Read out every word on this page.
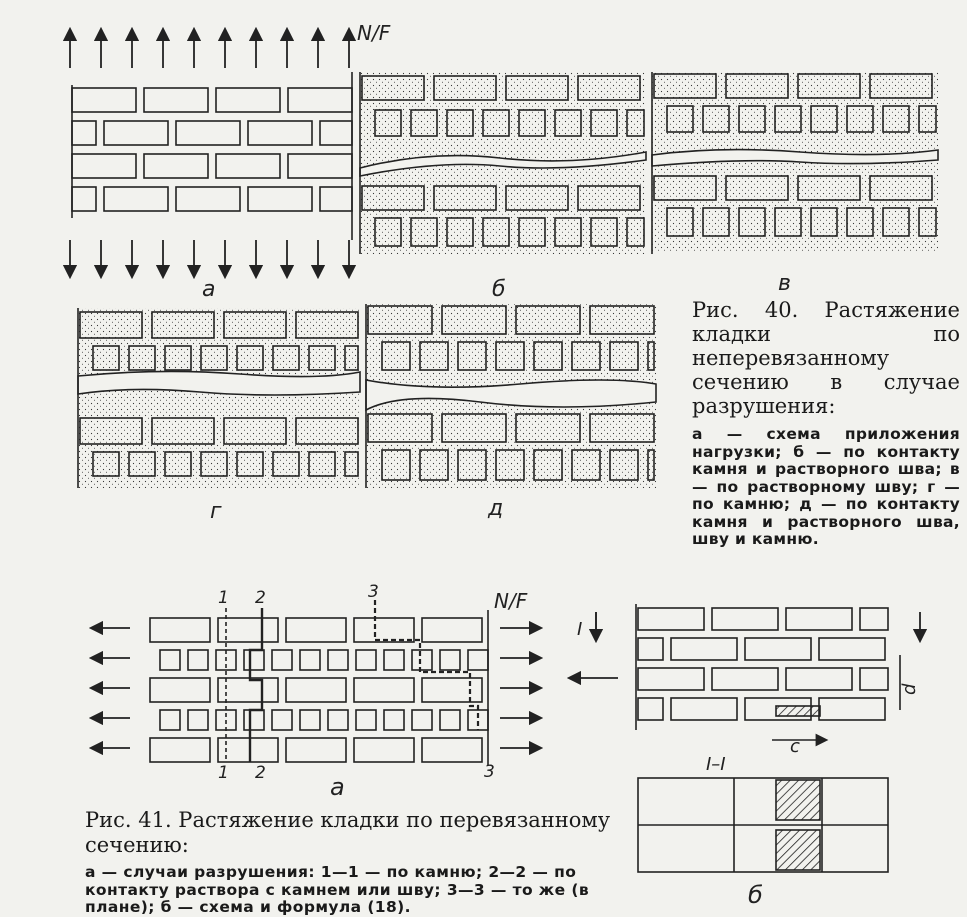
N/F
а	б	в
г	д
N/F
1 2	3
1 2	3
а
б
I
I–I
c
d
Рис. 40. Растяжение кладки по неперевязанному сечению в случае разрушения:
а — схема приложения нагрузки; б — по контакту камня и растворного шва; в — по растворному шву; г — по камню; д — по контакту камня и растворного шва, шву и камню.
Рис. 41. Растяжение кладки по перевязанному сечению:
а — случаи разрушения: 1—1 — по камню; 2—2 — по контакту раствора с камнем или шву; 3—3 — то же (в плане); б — схема и формула (18).
